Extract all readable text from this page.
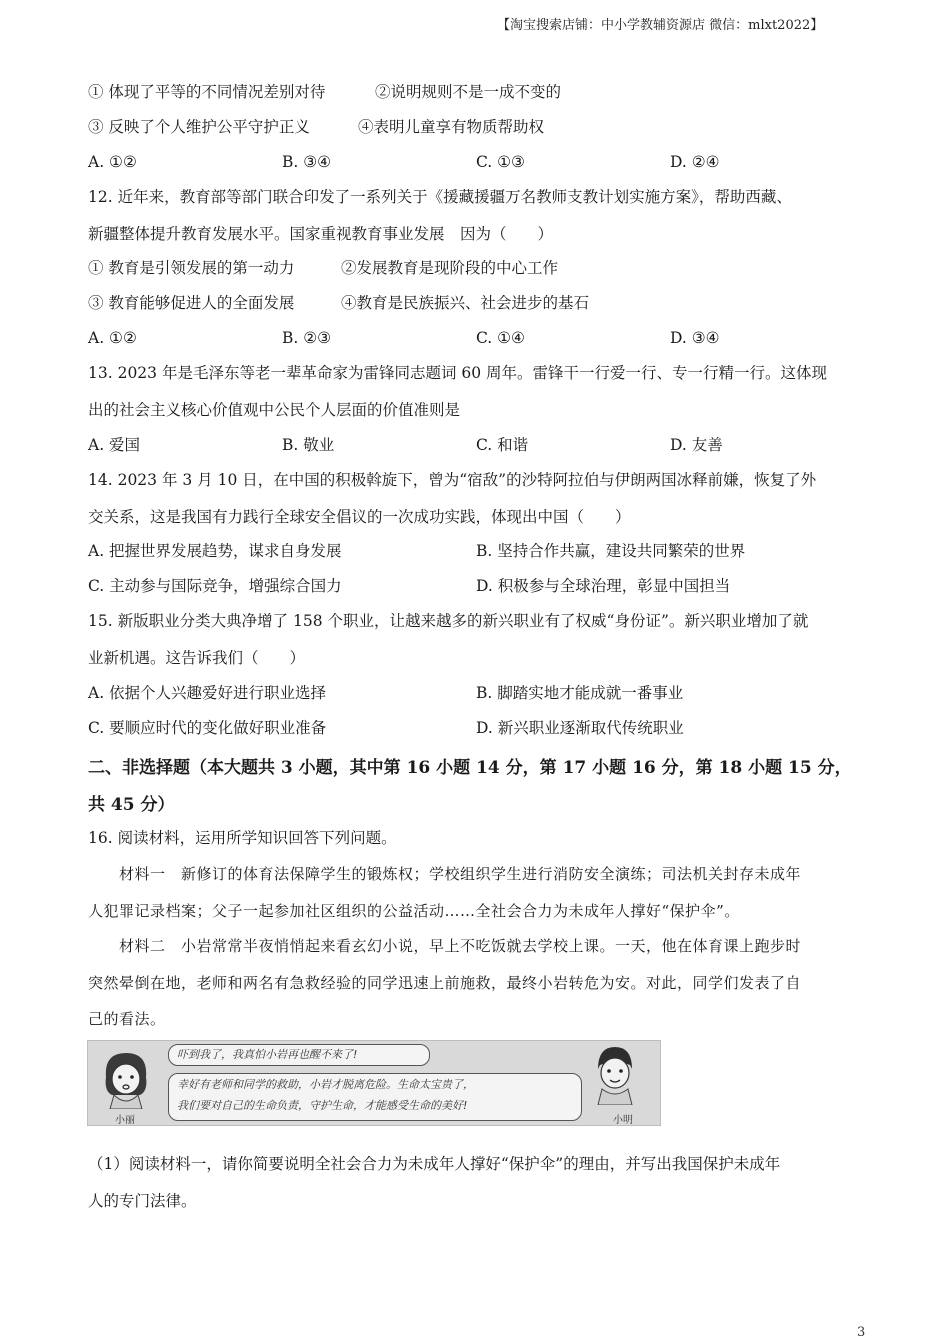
【淘宝搜索店铺：中小学教辅资源店 微信：mlxt2022】
① 体现了平等的不同情况差别对待	②说明规则不是一成不变的
③ 反映了个人维护公平守护正义	④表明儿童享有物质帮助权
A. ①②	B. ③④	C. ①③	D. ②④
12. 近年来，教育部等部门联合印发了一系列关于《援藏援疆万名教师支教计划实施方案》，帮助西藏、
新疆整体提升教育发展水平。国家重视教育事业发展　因为（　　）
① 教育是引领发展的第一动力	②发展教育是现阶段的中心工作
③ 教育能够促进人的全面发展	④教育是民族振兴、社会进步的基石
A. ①②	B. ②③	C. ①④	D. ③④
13. 2023 年是毛泽东等老一辈革命家为雷锋同志题词 60 周年。雷锋干一行爱一行、专一行精一行。这体现
出的社会主义核心价值观中公民个人层面的价值准则是
A. 爱国	B. 敬业	C. 和谐	D. 友善
14. 2023 年 3 月 10 日，在中国的积极斡旋下，曾为“宿敌”的沙特阿拉伯与伊朗两国冰释前嫌，恢复了外
交关系，这是我国有力践行全球安全倡议的一次成功实践，体现出中国（　　）
A. 把握世界发展趋势，谋求自身发展	B. 坚持合作共赢，建设共同繁荣的世界
C. 主动参与国际竞争，增强综合国力	D. 积极参与全球治理，彰显中国担当
15. 新版职业分类大典净增了 158 个职业，让越来越多的新兴职业有了权威“身份证”。新兴职业增加了就
业新机遇。这告诉我们（　　）
A. 依据个人兴趣爱好进行职业选择	B. 脚踏实地才能成就一番事业
C. 要顺应时代的变化做好职业准备	D. 新兴职业逐渐取代传统职业
二、非选择题（本大题共 3 小题，其中第 16 小题 14 分，第 17 小题 16 分，第 18 小题 15 分，
共 45 分）
16. 阅读材料，运用所学知识回答下列问题。
材料一　新修订的体育法保障学生的锻炼权；学校组织学生进行消防安全演练；司法机关封存未成年
人犯罪记录档案；父子一起参加社区组织的公益活动……全社会合力为未成年人撑好“保护伞”。
材料二　小岩常常半夜悄悄起来看玄幻小说，早上不吃饭就去学校上课。一天，他在体育课上跑步时
突然晕倒在地，老师和两名有急救经验的同学迅速上前施救，最终小岩转危为安。对此，同学们发表了自
己的看法。
小丽
吓到我了，我真怕小岩再也醒不来了!
幸好有老师和同学的救助，小岩才脱离危险。生命太宝贵了，
我们要对自己的生命负责，守护生命，才能感受生命的美好!
小明
（1）阅读材料一，请你简要说明全社会合力为未成年人撑好“保护伞”的理由，并写出我国保护未成年
人的专门法律。
3
